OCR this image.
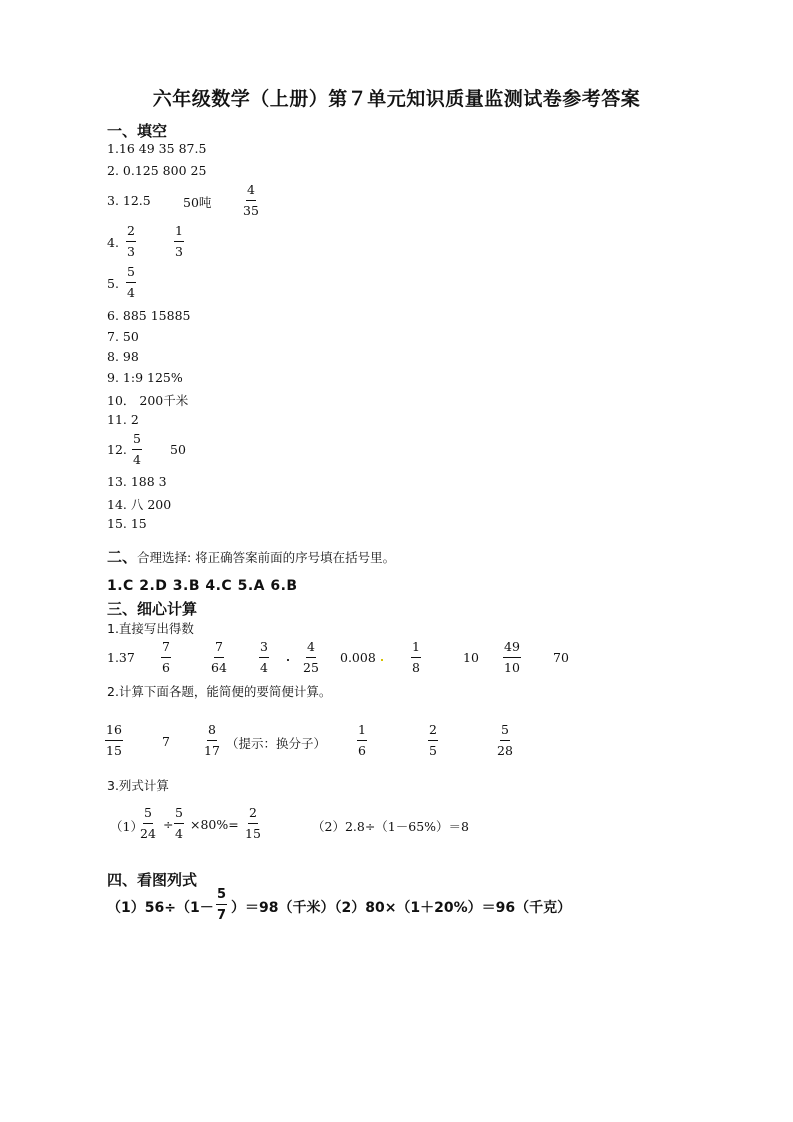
六年级数学（上册）第７单元知识质量监测试卷参考答案
一、填空
1.16 49 35 87.5
2. 0.125 800 25
3. 12.5	50吨	$\frac{4}{35}$
4. $\frac{2}{3}$	$\frac{1}{3}$
5. $\frac{5}{4}$
6. 885 15885
7. 50
8. 98
9. 1:9 125%
10． 200千米
11. 2
12. $\frac{5}{4} 50$
13. 188 3
14. 八 200
15. 15
二、 合理选择: 将正确答案前面的序号填在括号里。
1.C 2.D 3.B 4.C 5.A 6.B
三、细心计算
1.直接写出得数
$1.37 \frac{7}{6}$	$\frac{7}{64}$	$\frac{3}{4}$	$\frac{4}{25} 0.008$	$\frac{1}{8}$	$10 \frac{49}{10}$	70
2.计算下面各题，能简便的要简便计算。
$\frac{16}{15}$	7	$\frac{8}{17}$ （提示：换分子） $\frac{1}{6}$	$\frac{2}{5}$	$\frac{5}{28}$
3.列式计算
（1）
$\frac{5}{24} \div \frac{5}{4} \times 80\%= \frac{2}{15}$	（2）2.8÷（1－65%）＝8
四、看图列式
$(1)56\div(1- \frac{5}{7} )=98$（千米）（2）80×（1＋20%）＝96（千克）
